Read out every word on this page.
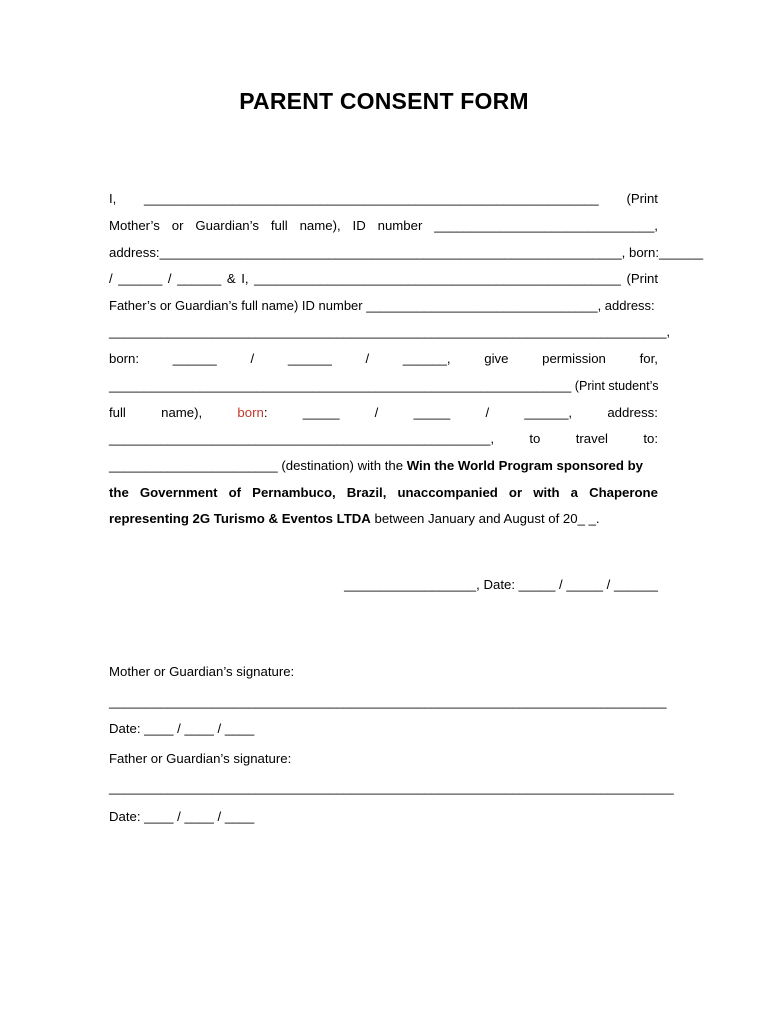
PARENT CONSENT FORM
I, ______________________________________________________________ (Print
Mother’s or Guardian’s full name), ID number ______________________________,
address: _______________________________________________________________, born: ______
/ ______ / ______ & I, __________________________________________________ (Print
Father’s or Guardian’s full name) ID number ________________________________, address:
____________________________________________________________________________,
born:	______	/	______	/	______,	give	permission	for,
__________________________________________________________________ (Print student’s
full	name),	born:	_____	/	_____	/	______,	address:
____________________________________________________,	to	travel	to:
_______________________ (destination) with the Win the World Program sponsored by
the Government of Pernambuco, Brazil, unaccompanied or with a Chaperone
representing 2G Turismo & Eventos LTDA between January and August of 20_ _.
__________________, Date: _____ / _____ / ______
Mother or Guardian’s signature:
____________________________________________________________________________
Date: ____ / ____ / ____
Father or Guardian’s signature:
_____________________________________________________________________________
Date: ____ / ____ / ____
